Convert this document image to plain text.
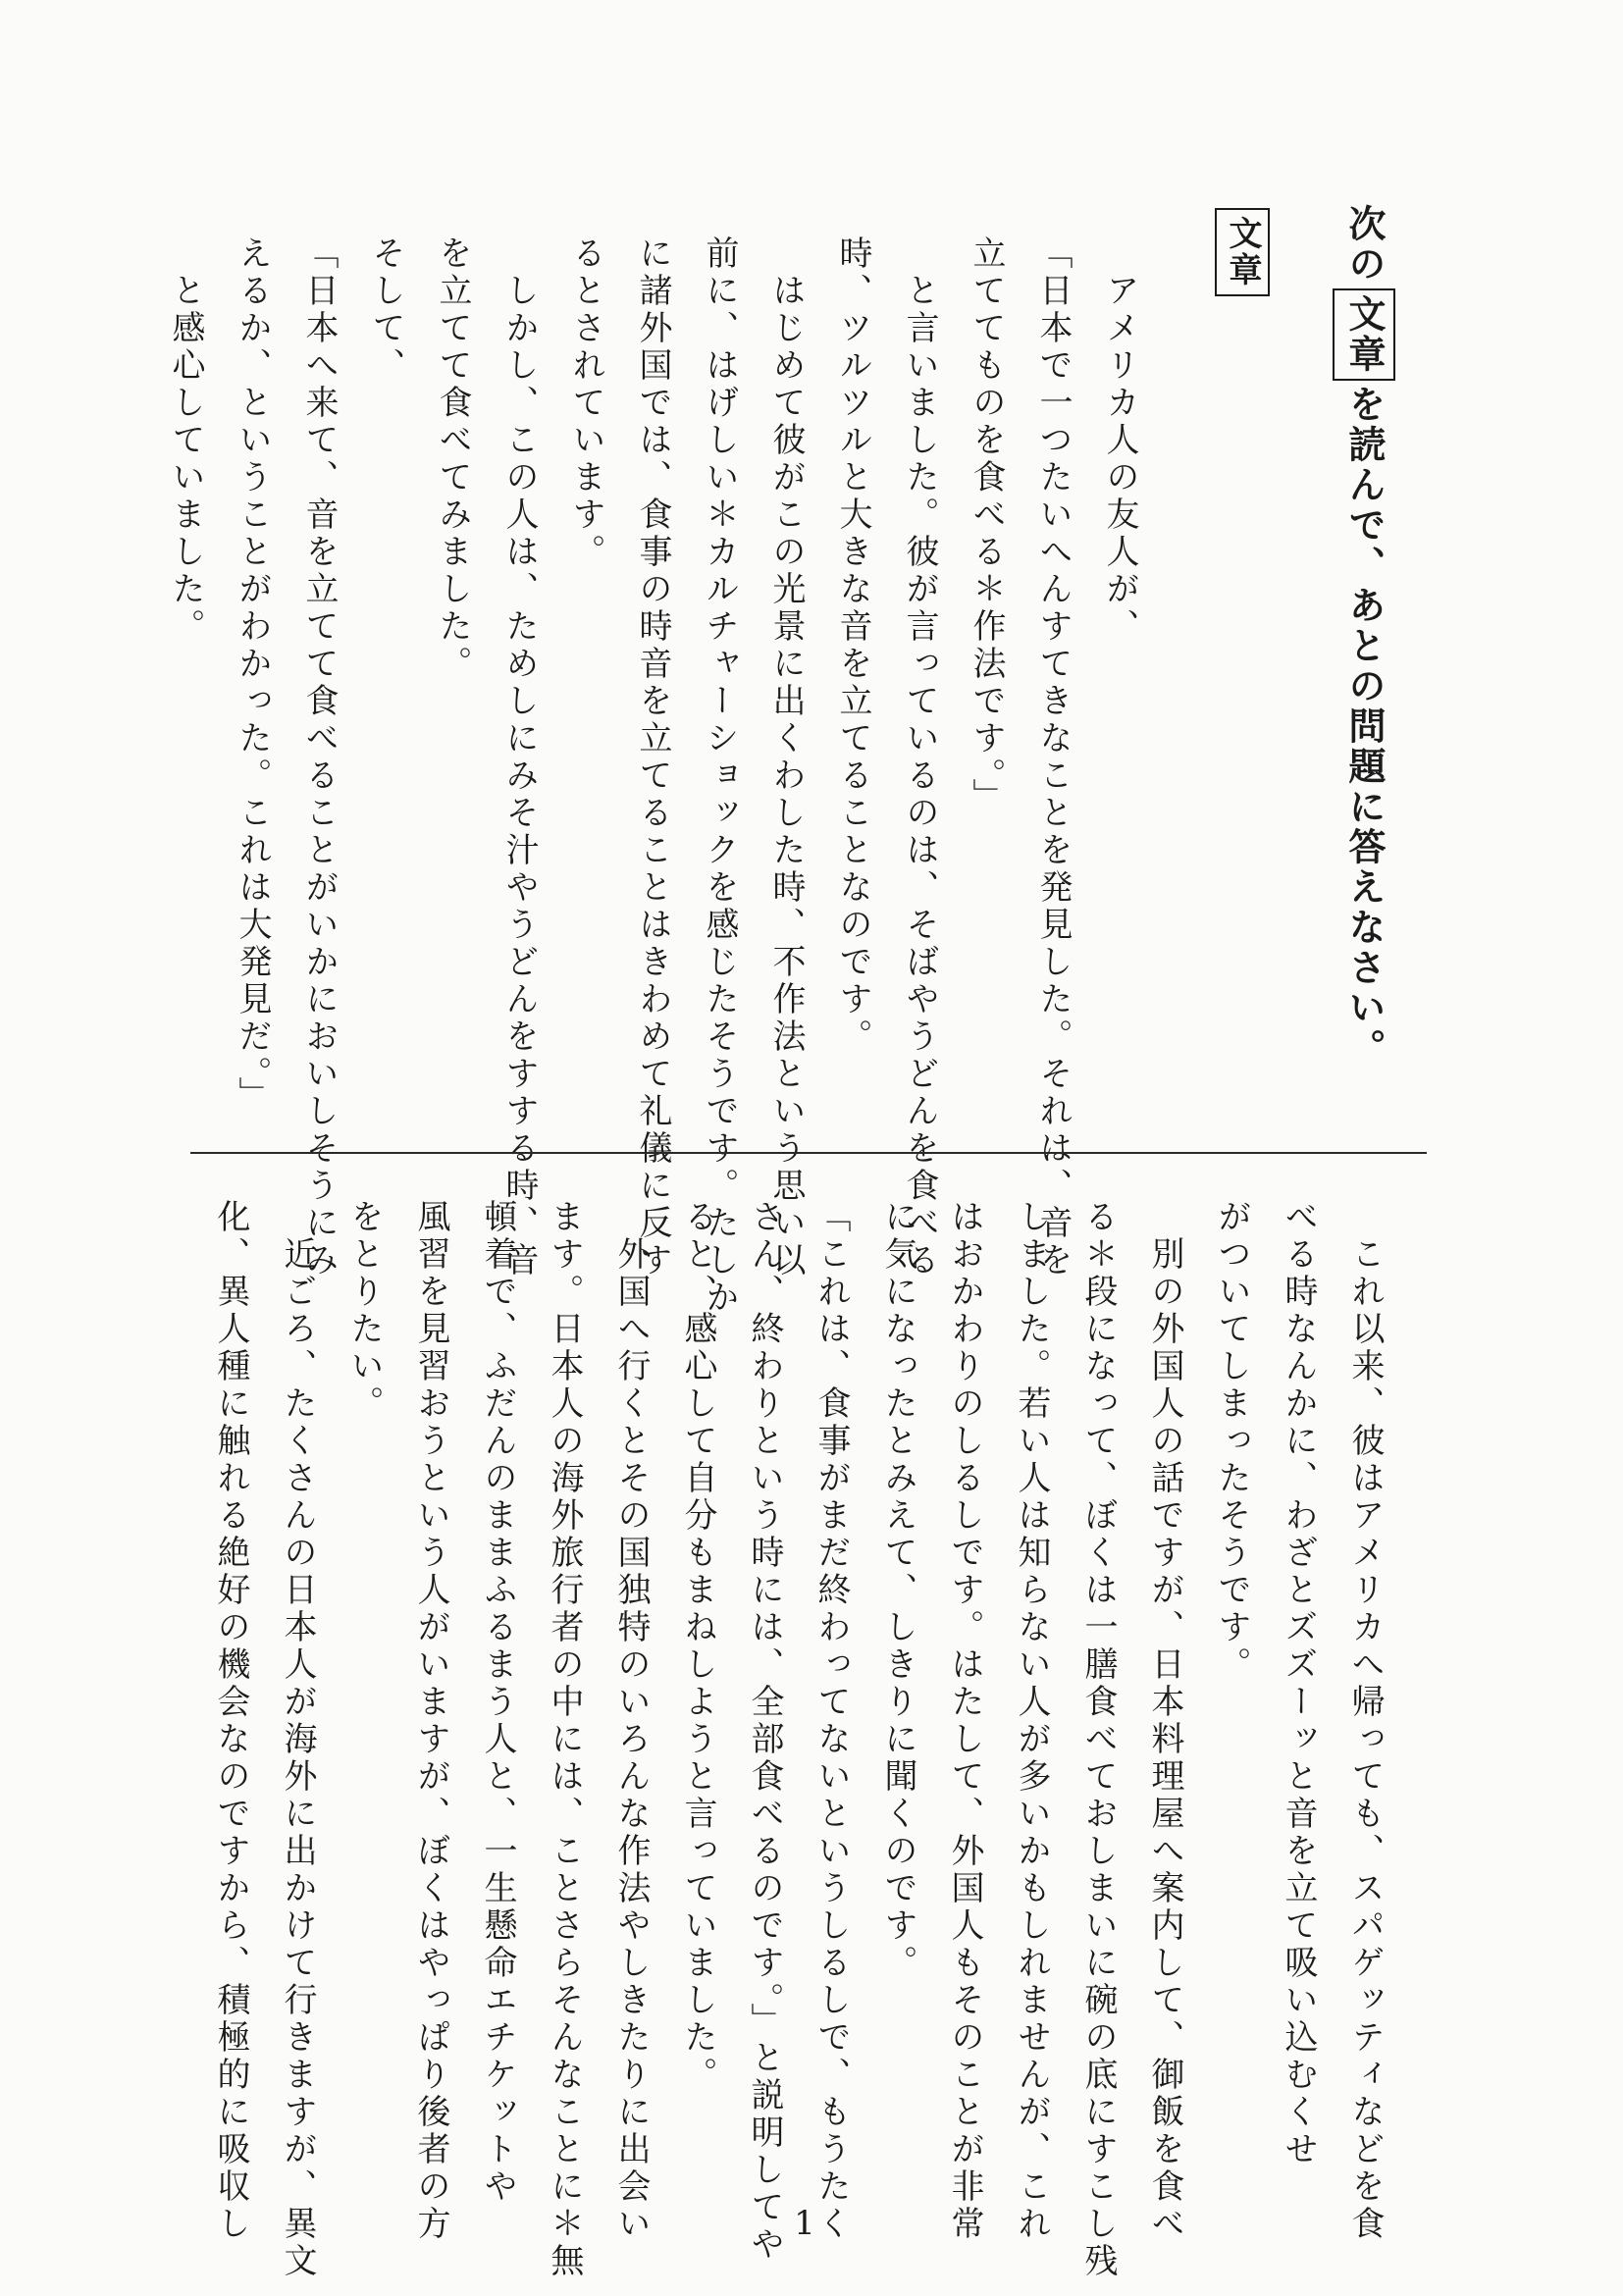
次の文章を読んで、あとの問題に答えなさい。
文章

　アメリカ人の友人が、

「日本で一つたいへんすてきなことを発見した。それは、音を

立ててものを食べる＊作法です。」

　と言いました。彼が言っているのは、そばやうどんを食べる

時、ツルツルと大きな音を立てることなのです。

　はじめて彼がこの光景に出くわした時、不作法という思い以

前に、はげしい＊カルチャーショックを感じたそうです。たしか

に諸外国では、食事の時音を立てることはきわめて礼儀に反す

るとされています。

　しかし、この人は、ためしにみそ汁やうどんをすする時、音

を立てて食べてみました。

そして、

「日本へ来て、音を立てて食べることがいかにおいしそうにみ

えるか、ということがわかった。これは大発見だ。」

　と感心していました。

　これ以来、彼はアメリカへ帰っても、スパゲッティなどを食

べる時なんかに、わざとズズーッと音を立て吸い込むくせ

がついてしまったそうです。

　別の外国人の話ですが、日本料理屋へ案内して、御飯を食べ

る＊段になって、ぼくは一膳食べておしまいに碗の底にすこし残

しました。若い人は知らない人が多いかもしれませんが、これ

はおかわりのしるしです。はたして、外国人もそのことが非常

に気になったとみえて、しきりに聞くのです。

「これは、食事がまだ終わってないというしるしで、もうたく

さん、終わりという時には、全部食べるのです。」と説明してや

ると、感心して自分もまねしようと言っていました。

　外国へ行くとその国独特のいろんな作法やしきたりに出会い

ます。日本人の海外旅行者の中には、ことさらそんなことに＊無

頓着で、ふだんのままふるまう人と、一生懸命エチケットや

風習を見習おうという人がいますが、ぼくはやっぱり後者の方

をとりたい。

　近ごろ、たくさんの日本人が海外に出かけて行きますが、異文

化、異人種に触れる絶好の機会なのですから、積極的に吸収し	1
